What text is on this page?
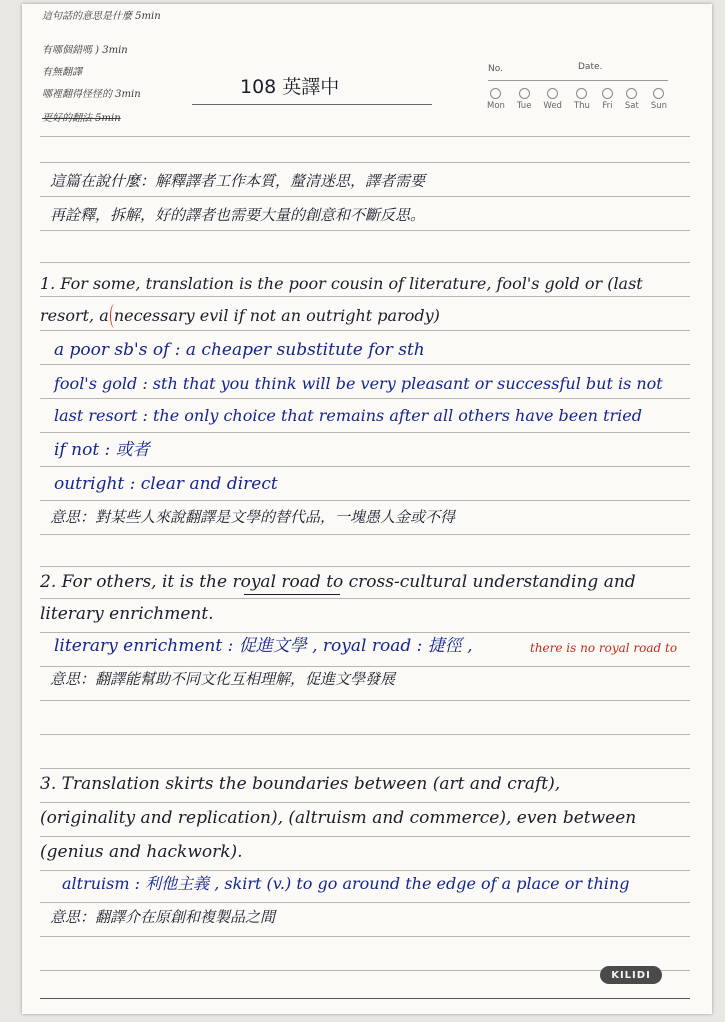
這句話的意思是什麼 5min
有哪個錯嗎 ) 3min
有無翻譯
哪裡翻得怪怪的 3min
更好的翻法 5min
108 英譯中
No.	Date.
Mon Tue Wed Thu Fri Sat Sun
這篇在說什麼：解釋譯者工作本質，釐清迷思，譯者需要
再詮釋，拆解，好的譯者也需要大量的創意和不斷反思。
1. For some, translation is the poor cousin of literature, fool's gold or (last
resort, a necessary evil if not an outright parody)
a poor sb's of : a cheaper substitute for sth
fool's gold : sth that you think will be very pleasant or successful but is not
last resort : the only choice that remains after all others have been tried
if not : 或者
outright : clear and direct
意思：對某些人來說翻譯是文學的替代品，一塊愚人金或不得
2. For others, it is the royal road to cross-cultural understanding and
literary enrichment.
literary enrichment : 促進文學 , royal road : 捷徑 ,	there is no royal road to
意思：翻譯能幫助不同文化互相理解，促進文學發展
3. Translation skirts the boundaries between (art and craft),
(originality and replication), (altruism and commerce), even between
(genius and hackwork).
altruism : 利他主義 , skirt (v.) to go around the edge of a place or thing
意思：翻譯介在原創和複製品之間
KILIDI
